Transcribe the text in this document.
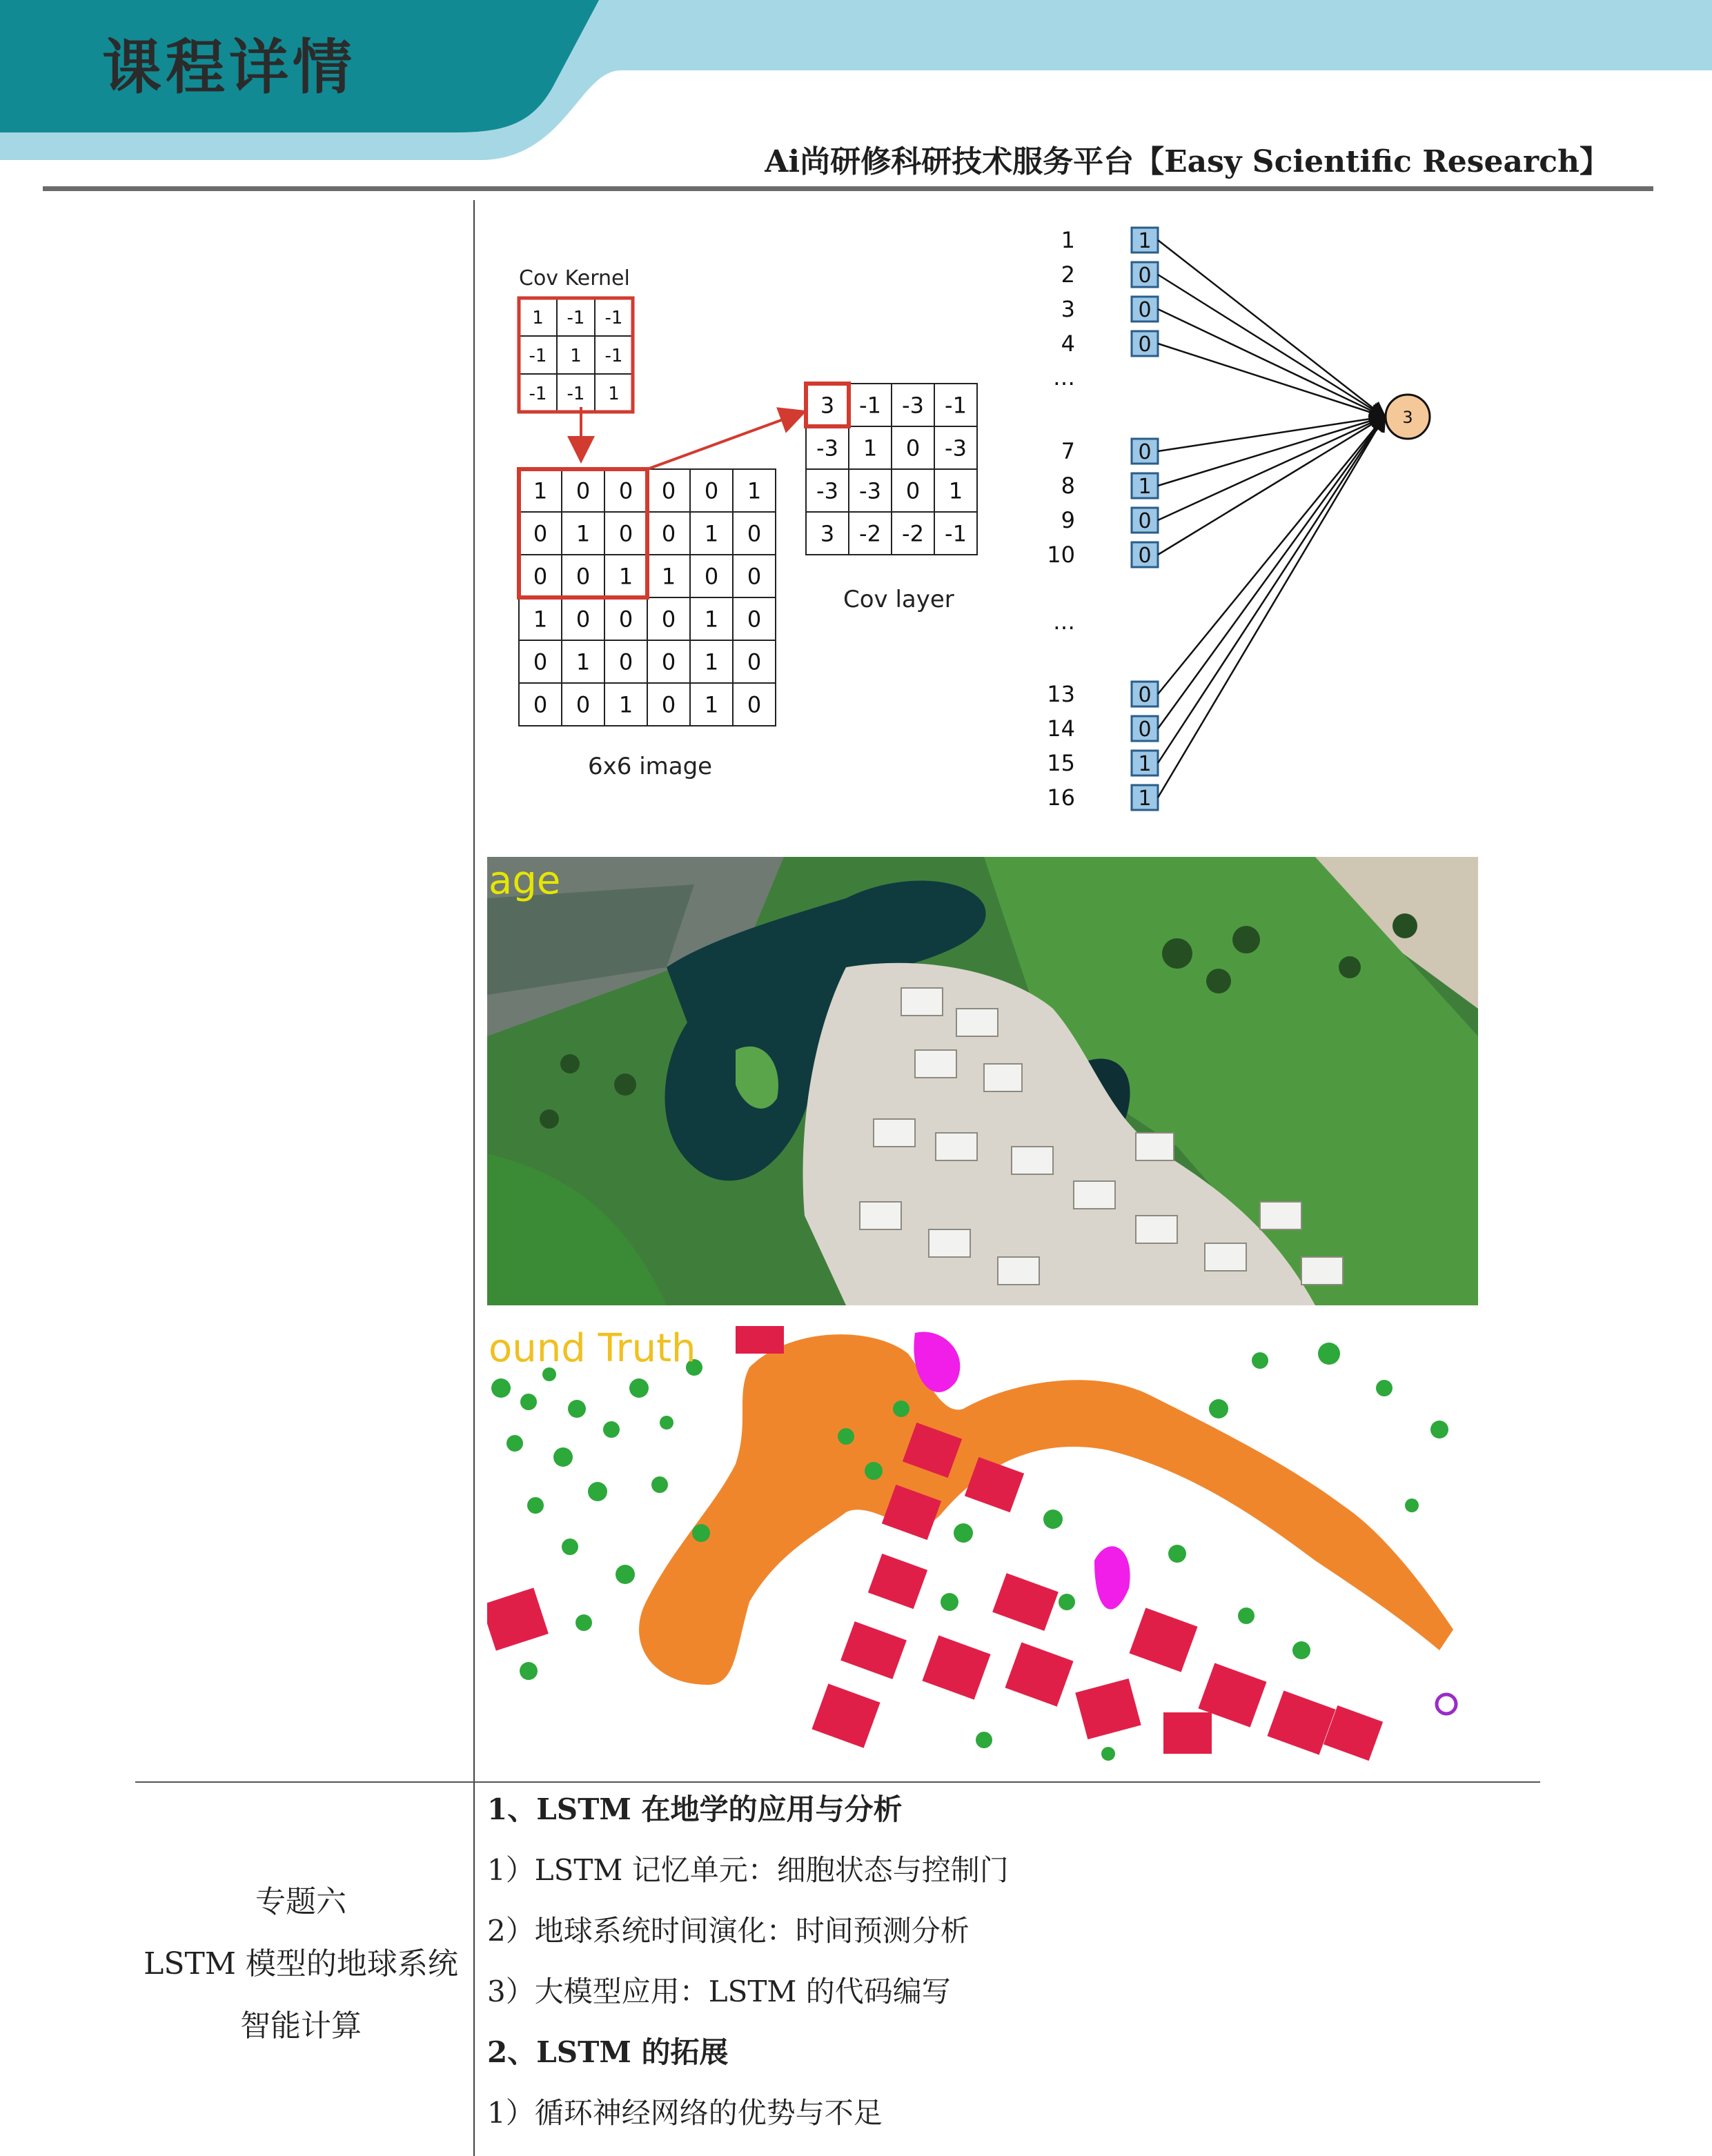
课程详情
Ai尚研修科研技术服务平台【Easy Scientific Research】
1 -1 -1
-1 1 -1
-1 -1 1
Cov Kernel
1 0 0 0 0 1
0 1 0 0 1 0
0 0 1 1 0 0
1 0 0 0 1 0
0 1 0 0 1 0
0 0 1 0 1 0
6x6 image
3 -1 -3 -1
-3 1 0 -3
-3 -3 0 1
3 -2 -2 -1
Cov layer
1	1
2	0
3	0
4	0
7	0
8	1
9	0
10	0
13	0
14	0
15	1
16	1
…
…
3
age
ound Truth
专题六
LSTM 模型的地球系统
智能计算
1、LSTM 在地学的应用与分析
1）LSTM 记忆单元：细胞状态与控制门
2）地球系统时间演化：时间预测分析
3）大模型应用：LSTM 的代码编写
2、LSTM 的拓展
1）循环神经网络的优势与不足
